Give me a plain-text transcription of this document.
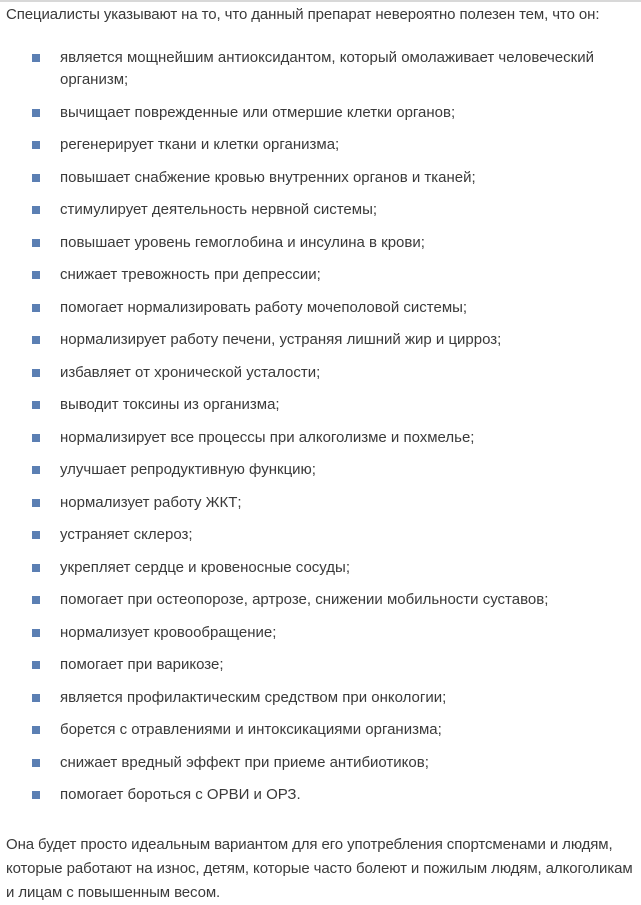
Специалисты указывают на то, что данный препарат невероятно полезен тем, что он:

является мощнейшим антиоксидантом, который омолаживает человеческий организм;
вычищает поврежденные или отмершие клетки органов;
регенерирует ткани и клетки организма;
повышает снабжение кровью внутренних органов и тканей;
стимулирует деятельность нервной системы;
повышает уровень гемоглобина и инсулина в крови;
снижает тревожность при депрессии;
помогает нормализировать работу мочеполовой системы;
нормализирует работу печени, устраняя лишний жир и цирроз;
избавляет от хронической усталости;
выводит токсины из организма;
нормализирует все процессы при алкоголизме и похмелье;
улучшает репродуктивную функцию;
нормализует работу ЖКТ;
устраняет склероз;
укрепляет сердце и кровеносные сосуды;
помогает при остеопорозе, артрозе, снижении мобильности суставов;
нормализует кровообращение;
помогает при варикозе;
является профилактическим средством при онкологии;
борется с отравлениями и интоксикациями организма;
снижает вредный эффект при приеме антибиотиков;
помогает бороться с ОРВИ и ОРЗ.

Она будет просто идеальным вариантом для его употребления спортсменами и людям, которые работают на износ, детям, которые часто болеют и пожилым людям, алкоголикам и лицам с повышенным весом.
